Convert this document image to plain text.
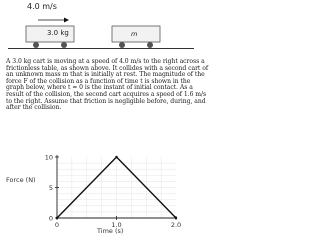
4.0 m/s
3.0 kg	m
A 3.0 kg cart is moving at a speed of 4.0 m/s to the right across a
frictionless table, as shown above. It collides with a second cart of
an unknown mass m that is initially at rest. The magnitude of the
force F of the collision as a function of time t is shown in the
graph below, where t = 0 is the instant of initial contact. As a
result of the collision, the second cart acquires a speed of 1.6 m/s
to the right. Assume that friction is negligible before, during, and
after the collision.
0
5
10
0	1.0	2.0
Force (N)
Time (s)
